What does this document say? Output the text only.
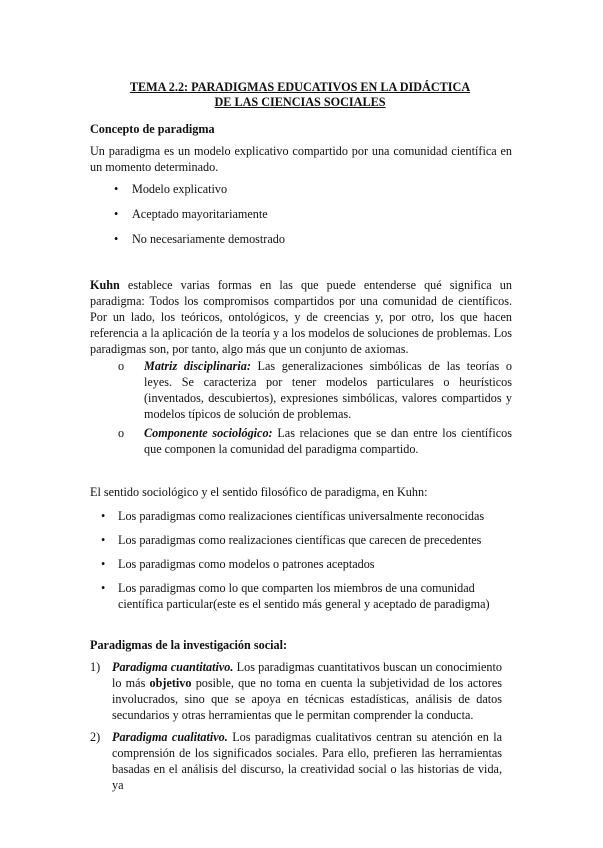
TEMA 2.2: PARADIGMAS EDUCATIVOS EN LA DIDÁCTICA
DE LAS CIENCIAS SOCIALES
Concepto de paradigma
Un paradigma es un modelo explicativo compartido por una comunidad científica en un momento determinado.
• Modelo explicativo
• Aceptado mayoritariamente
• No necesariamente demostrado
Kuhn establece varias formas en las que puede entenderse qué significa un paradigma: Todos los compromisos compartidos por una comunidad de científicos. Por un lado, los teóricos, ontológicos, y de creencias y, por otro, los que hacen referencia a la aplicación de la teoría y a los modelos de soluciones de problemas. Los paradigmas son, por tanto, algo más que un conjunto de axiomas.
o Matriz disciplinaria: Las generalizaciones simbólicas de las teorías o leyes. Se caracteriza por tener modelos particulares o heurísticos (inventados, descubiertos), expresiones simbólicas, valores compartidos y modelos típicos de solución de problemas.
o Componente sociológico: Las relaciones que se dan entre los científicos que componen la comunidad del paradigma compartido.
El sentido sociológico y el sentido filosófico de paradigma, en Kuhn:
• Los paradigmas como realizaciones científicas universalmente reconocidas
• Los paradigmas como realizaciones científicas que carecen de precedentes
• Los paradigmas como modelos o patrones aceptados
• Los paradigmas como lo que comparten los miembros de una comunidad científica particular(este es el sentido más general y aceptado de paradigma)
Paradigmas de la investigación social:
1) Paradigma cuantitativo. Los paradigmas cuantitativos buscan un conocimiento lo más objetivo posible, que no toma en cuenta la subjetividad de los actores involucrados, sino que se apoya en técnicas estadísticas, análisis de datos secundarios y otras herramientas que le permitan comprender la conducta.
2) Paradigma cualitativo. Los paradigmas cualitativos centran su atención en la comprensión de los significados sociales. Para ello, prefieren las herramientas basadas en el análisis del discurso, la creatividad social o las historias de vida, ya
